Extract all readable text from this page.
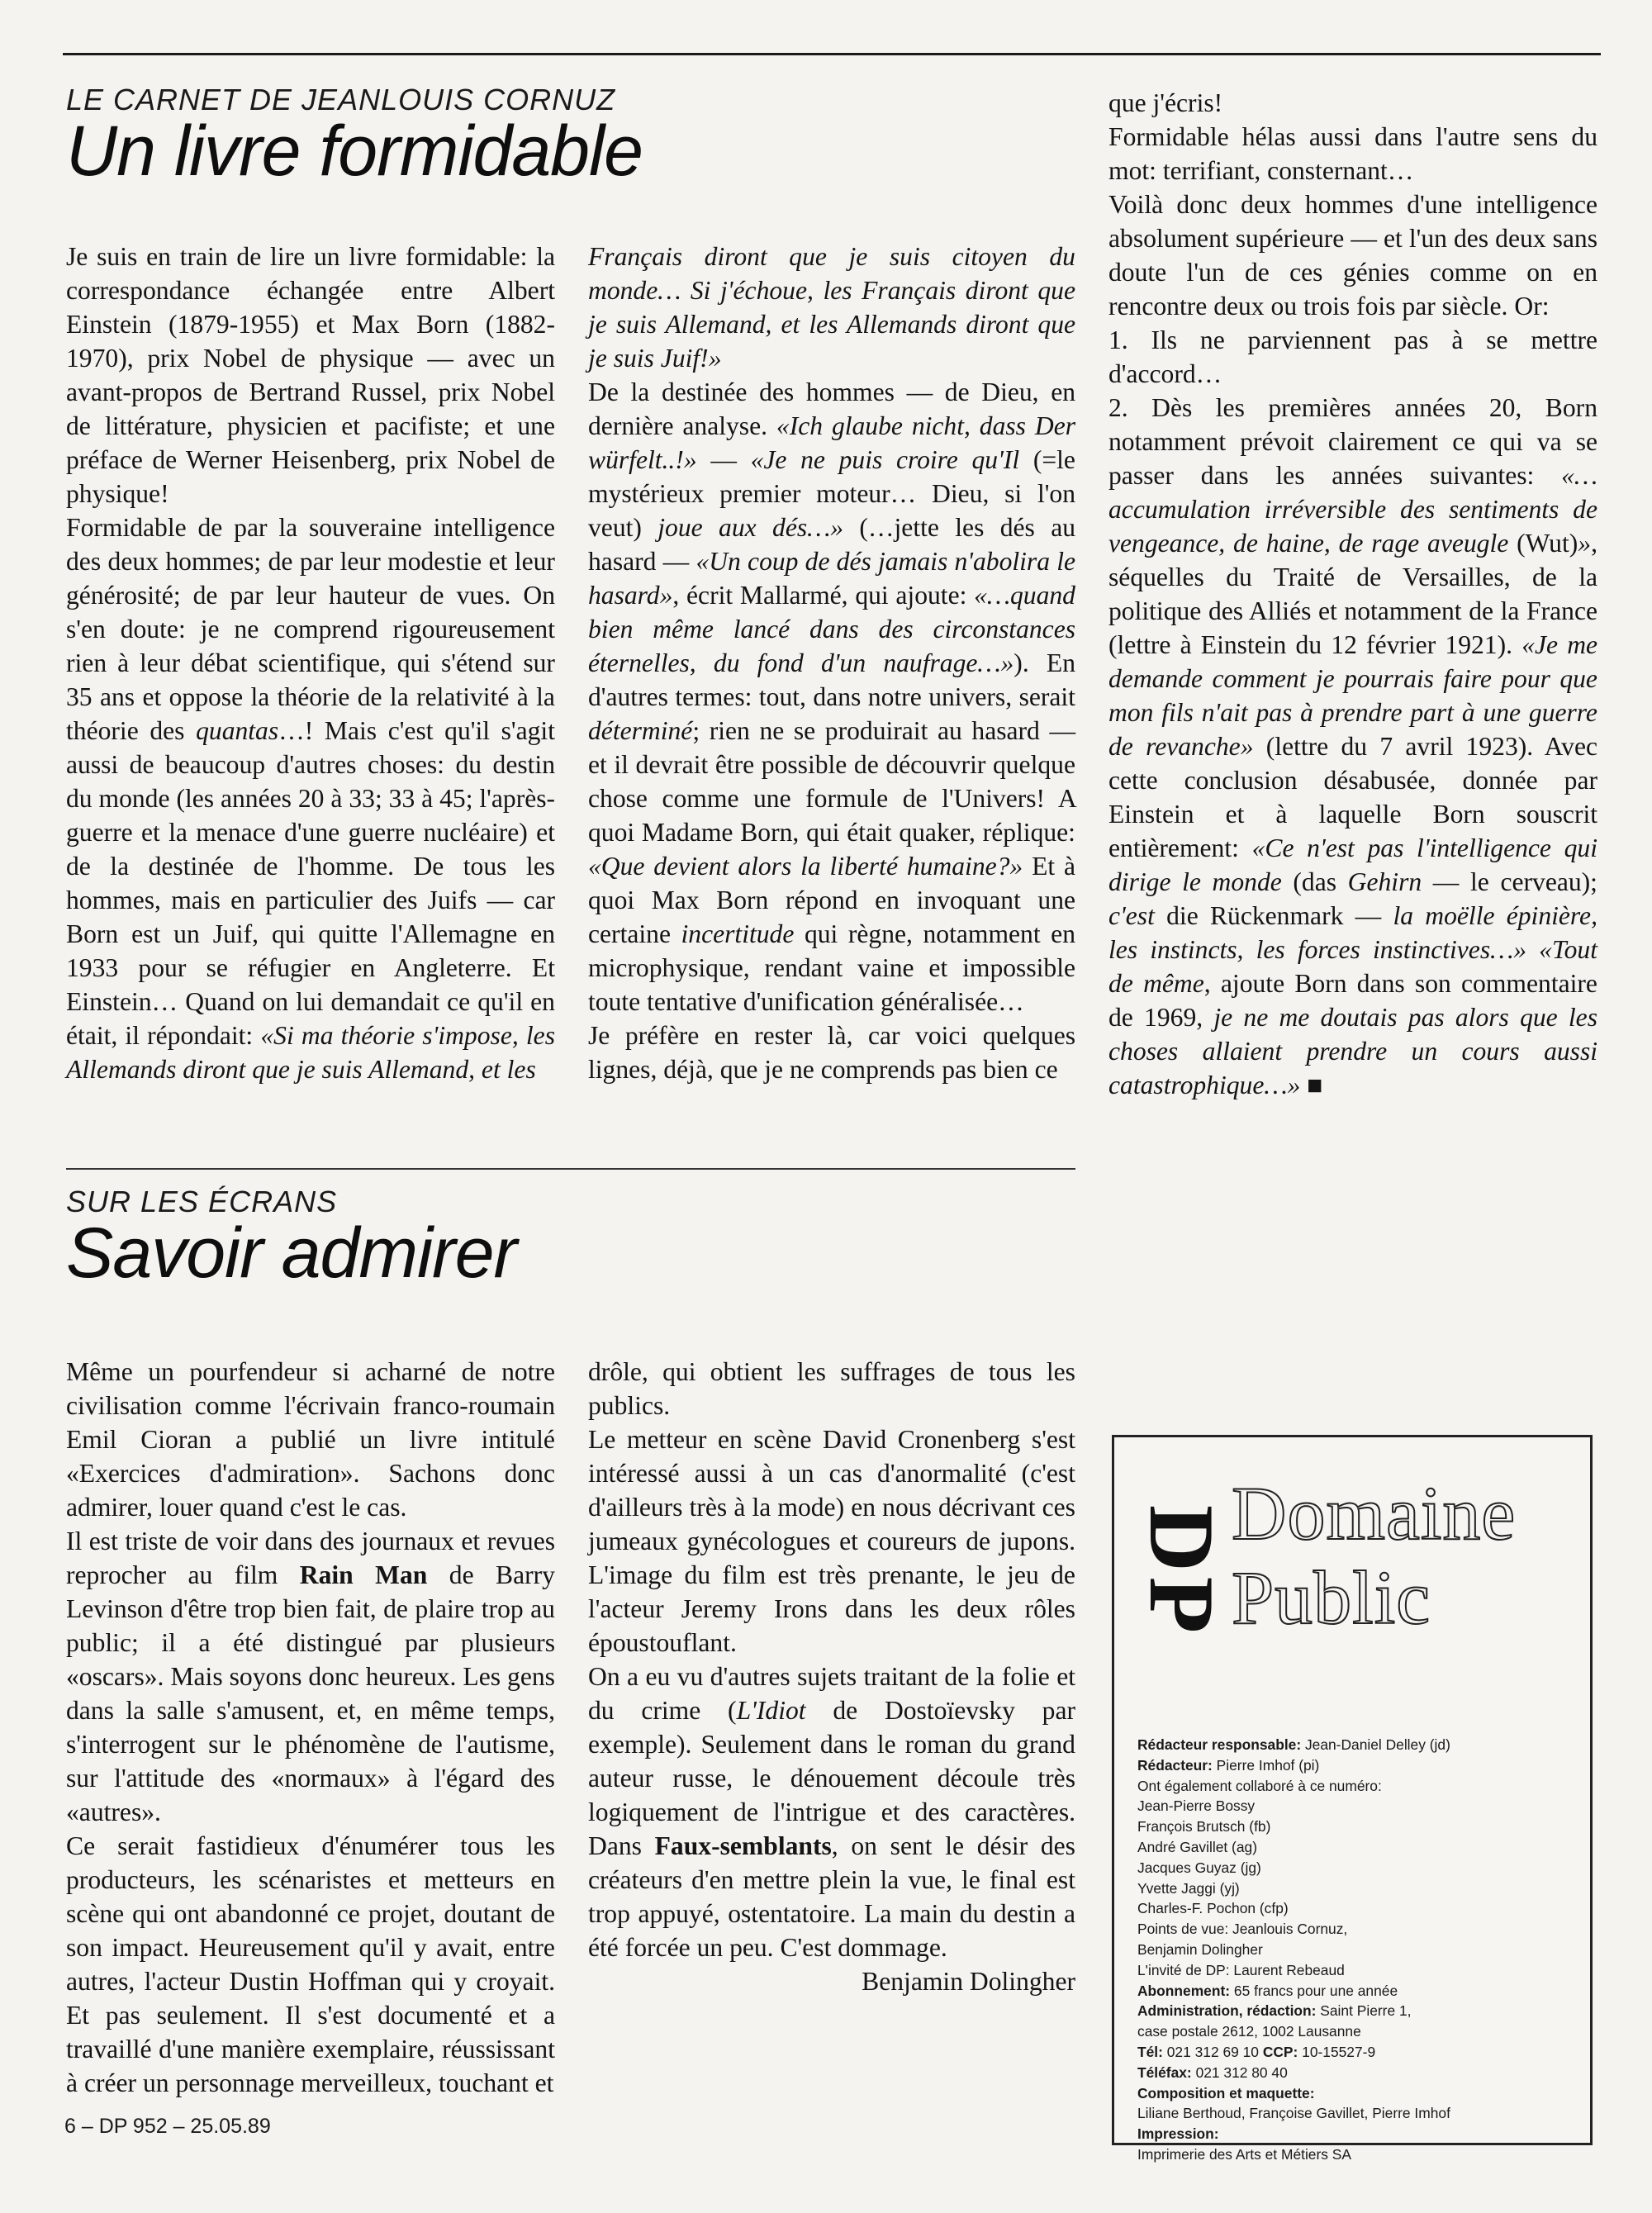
LE CARNET DE JEANLOUIS CORNUZ
Un livre formidable

Je suis en train de lire un livre formidable: la correspondance échangée entre Albert Einstein (1879-1955) et Max Born (1882-1970), prix Nobel de physique — avec un avant-propos de Bertrand Russel, prix Nobel de littérature, physicien et pacifiste; et une préface de Werner Heisenberg, prix Nobel de physique!

Formidable de par la souveraine intelligence des deux hommes; de par leur modestie et leur générosité; de par leur hauteur de vues. On s'en doute: je ne comprend rigoureusement rien à leur débat scientifique, qui s'étend sur 35 ans et oppose la théorie de la relativité à la théorie des quantas…! Mais c'est qu'il s'agit aussi de beaucoup d'autres choses: du destin du monde (les années 20 à 33; 33 à 45; l'après-guerre et la menace d'une guerre nucléaire) et de la destinée de l'homme. De tous les hommes, mais en particulier des Juifs — car Born est un Juif, qui quitte l'Allemagne en 1933 pour se réfugier en Angleterre. Et Einstein… Quand on lui demandait ce qu'il en était, il répondait: «Si ma théorie s'impose, les Allemands diront que je suis Allemand, et les

Français diront que je suis citoyen du monde… Si j'échoue, les Français diront que je suis Allemand, et les Allemands diront que je suis Juif!»

De la destinée des hommes — de Dieu, en dernière analyse. «Ich glaube nicht, dass Der würfelt..!» — «Je ne puis croire qu'Il (=le mystérieux premier moteur… Dieu, si l'on veut) joue aux dés…» (…jette les dés au hasard — «Un coup de dés jamais n'abolira le hasard», écrit Mallarmé, qui ajoute: «…quand bien même lancé dans des circonstances éternelles, du fond d'un naufrage…»). En d'autres termes: tout, dans notre univers, serait déterminé; rien ne se produirait au hasard — et il devrait être possible de découvrir quelque chose comme une formule de l'Univers! A quoi Madame Born, qui était quaker, réplique: «Que devient alors la liberté humaine?» Et à quoi Max Born répond en invoquant une certaine incertitude qui règne, notamment en microphysique, rendant vaine et impossible toute tentative d'unification généralisée…

Je préfère en rester là, car voici quelques lignes, déjà, que je ne comprends pas bien ce

que j'écris!

Formidable hélas aussi dans l'autre sens du mot: terrifiant, consternant…

Voilà donc deux hommes d'une intelligence absolument supérieure — et l'un des deux sans doute l'un de ces génies comme on en rencontre deux ou trois fois par siècle. Or:

1. Ils ne parviennent pas à se mettre d'accord…

2. Dès les premières années 20, Born notamment prévoit clairement ce qui va se passer dans les années suivantes: «…accumulation irréversible des sentiments de vengeance, de haine, de rage aveugle (Wut)», séquelles du Traité de Versailles, de la politique des Alliés et notamment de la France (lettre à Einstein du 12 février 1921). «Je me demande comment je pourrais faire pour que mon fils n'ait pas à prendre part à une guerre de revanche» (lettre du 7 avril 1923). Avec cette conclusion désabusée, donnée par Einstein et à laquelle Born souscrit entièrement: «Ce n'est pas l'intelligence qui dirige le monde (das Gehirn — le cerveau); c'est die Rückenmark — la moëlle épinière, les instincts, les forces instinctives…» «Tout de même, ajoute Born dans son commentaire de 1969, je ne me doutais pas alors que les choses allaient prendre un cours aussi catastrophique…» ■

SUR LES ÉCRANS
Savoir admirer

Même un pourfendeur si acharné de notre civilisation comme l'écrivain franco-roumain Emil Cioran a publié un livre intitulé «Exercices d'admiration». Sachons donc admirer, louer quand c'est le cas.

Il est triste de voir dans des journaux et revues reprocher au film Rain Man de Barry Levinson d'être trop bien fait, de plaire trop au public; il a été distingué par plusieurs «oscars». Mais soyons donc heureux. Les gens dans la salle s'amusent, et, en même temps, s'interrogent sur le phénomène de l'autisme, sur l'attitude des «normaux» à l'égard des «autres».

Ce serait fastidieux d'énumérer tous les producteurs, les scénaristes et metteurs en scène qui ont abandonné ce projet, doutant de son impact. Heureusement qu'il y avait, entre autres, l'acteur Dustin Hoffman qui y croyait. Et pas seulement. Il s'est documenté et a travaillé d'une manière exemplaire, réussissant à créer un personnage merveilleux, touchant et

drôle, qui obtient les suffrages de tous les publics.

Le metteur en scène David Cronenberg s'est intéressé aussi à un cas d'anormalité (c'est d'ailleurs très à la mode) en nous décrivant ces jumeaux gynécologues et coureurs de jupons. L'image du film est très prenante, le jeu de l'acteur Jeremy Irons dans les deux rôles époustouflant.

On a eu vu d'autres sujets traitant de la folie et du crime (L'Idiot de Dostoïevsky par exemple). Seulement dans le roman du grand auteur russe, le dénouement découle très logiquement de l'intrigue et des caractères. Dans Faux-semblants, on sent le désir des créateurs d'en mettre plein la vue, le final est trop appuyé, ostentatoire. La main du destin a été forcée un peu. C'est dommage.

Benjamin Dolingher

DP
Domaine
Public
Rédacteur responsable: Jean-Daniel Delley (jd)
Rédacteur: Pierre Imhof (pi)
Ont également collaboré à ce numéro:
Jean-Pierre Bossy
François Brutsch (fb)
André Gavillet (ag)
Jacques Guyaz (jg)
Yvette Jaggi (yj)
Charles-F. Pochon (cfp)
Points de vue: Jeanlouis Cornuz,
Benjamin Dolingher
L'invité de DP: Laurent Rebeaud
Abonnement: 65 francs pour une année
Administration, rédaction: Saint Pierre 1,
case postale 2612, 1002 Lausanne
Tél: 021 312 69 10 CCP: 10-15527-9
Téléfax: 021 312 80 40
Composition et maquette:
Liliane Berthoud, Françoise Gavillet, Pierre Imhof
Impression:
Imprimerie des Arts et Métiers SA
6 – DP 952 – 25.05.89
